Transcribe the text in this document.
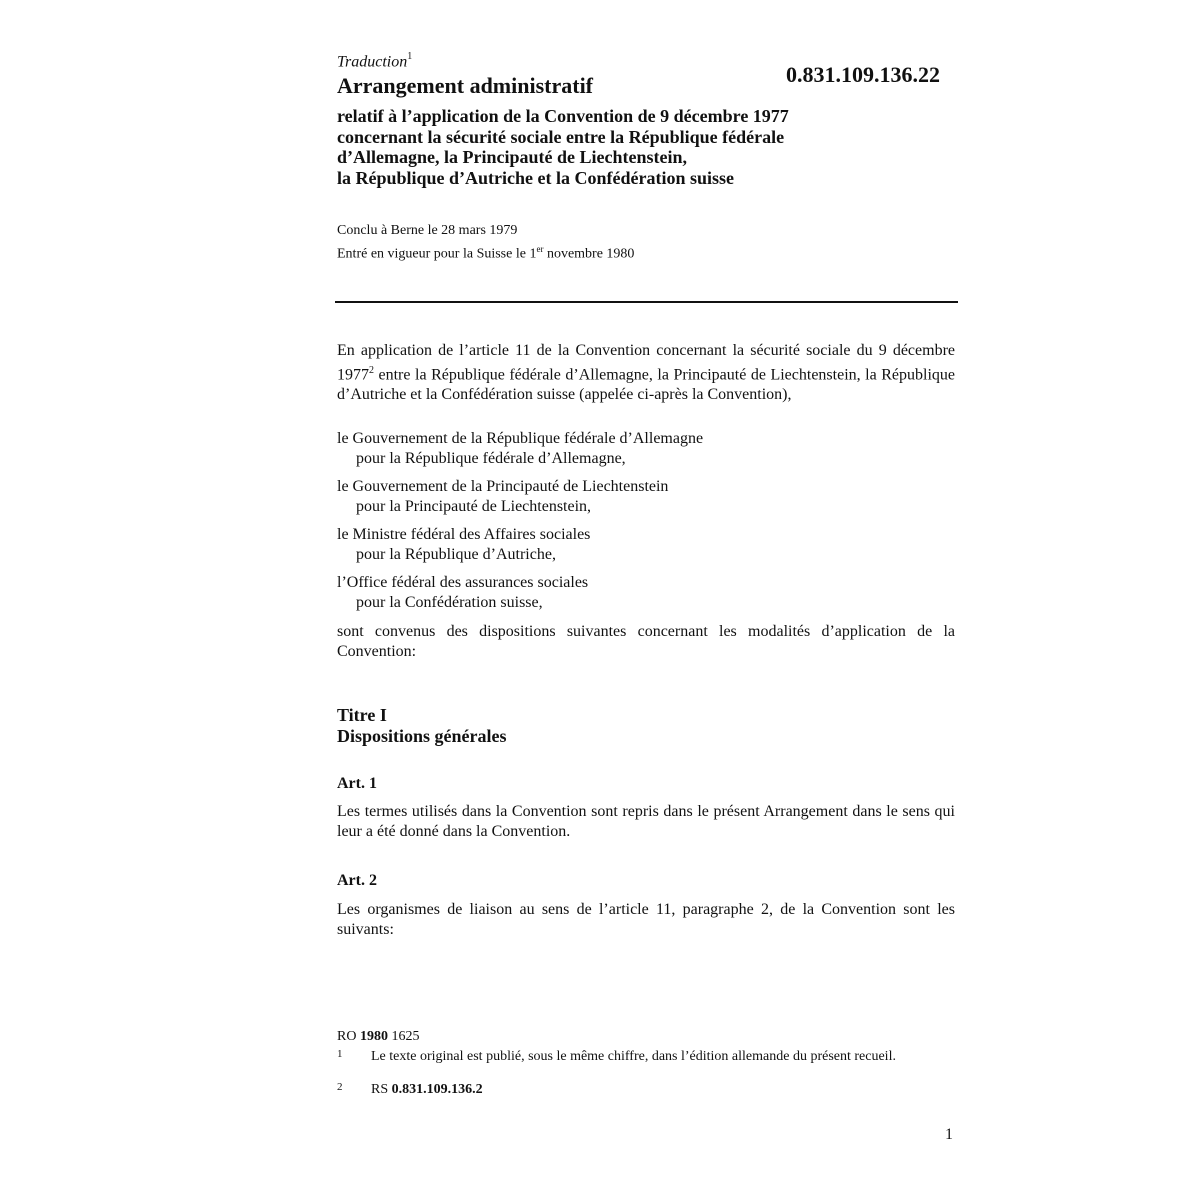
Traduction$^1$
Arrangement administratif	0.831.109.136.22
relatif à l’application de la Convention de 9 décembre 1977
concernant la sécurité sociale entre la République fédérale
d’Allemagne, la Principauté de Liechtenstein,
la République d’Autriche et la Confédération suisse
Conclu à Berne le 28 mars 1979
Entré en vigueur pour la Suisse le 1er novembre 1980
En application de l’article 11 de la Convention concernant la sécurité sociale du 9 décembre 1977$^2$ entre la République fédérale d’Allemagne, la Principauté de Liechtenstein, la République d’Autriche et la Confédération suisse (appelée ci-après la Convention),
le Gouvernement de la République fédérale d’Allemagne
pour la République fédérale d’Allemagne,
le Gouvernement de la Principauté de Liechtenstein
pour la Principauté de Liechtenstein,
le Ministre fédéral des Affaires sociales
pour la République d’Autriche,
l’Office fédéral des assurances sociales
pour la Confédération suisse,
sont convenus des dispositions suivantes concernant les modalités d’application de la Convention:
Titre I
Dispositions générales
Art. 1
Les termes utilisés dans la Convention sont repris dans le présent Arrangement dans le sens qui leur a été donné dans la Convention.
Art. 2
Les organismes de liaison au sens de l’article 11, paragraphe 2, de la Convention sont les suivants:
RO 1980 1625
1 Le texte original est publié, sous le même chiffre, dans l’édition allemande du présent recueil.
2 RS 0.831.109.136.2
1
